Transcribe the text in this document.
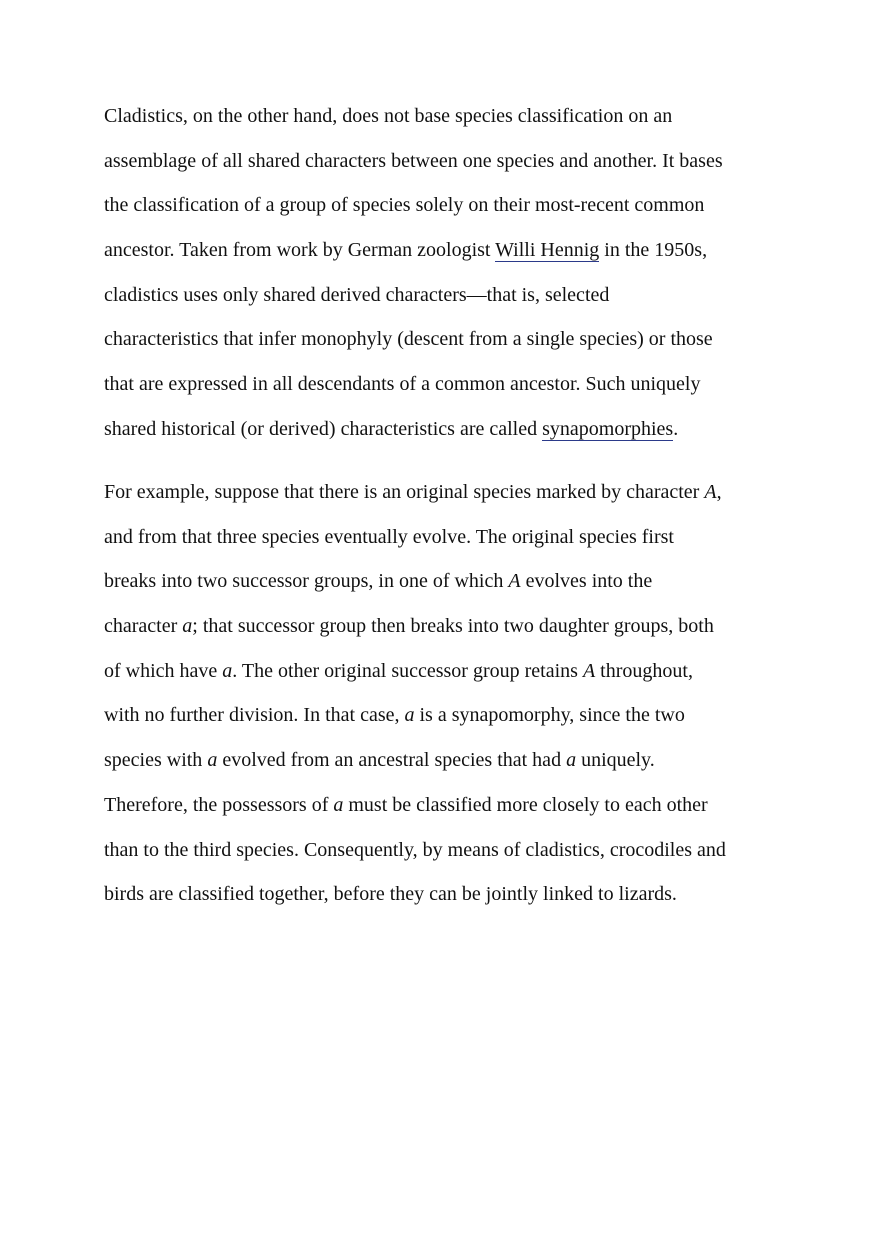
Cladistics, on the other hand, does not base species classification on an
assemblage of all shared characters between one species and another. It bases
the classification of a group of species solely on their most-recent common
ancestor. Taken from work by German zoologist Willi Hennig in the 1950s,
cladistics uses only shared derived characters—that is, selected
characteristics that infer monophyly (descent from a single species) or those
that are expressed in all descendants of a common ancestor. Such uniquely
shared historical (or derived) characteristics are called synapomorphies.
For example, suppose that there is an original species marked by character A,
and from that three species eventually evolve. The original species first
breaks into two successor groups, in one of which A evolves into the
character a; that successor group then breaks into two daughter groups, both
of which have a. The other original successor group retains A throughout,
with no further division. In that case, a is a synapomorphy, since the two
species with a evolved from an ancestral species that had a uniquely.
Therefore, the possessors of a must be classified more closely to each other
than to the third species. Consequently, by means of cladistics, crocodiles and
birds are classified together, before they can be jointly linked to lizards.
